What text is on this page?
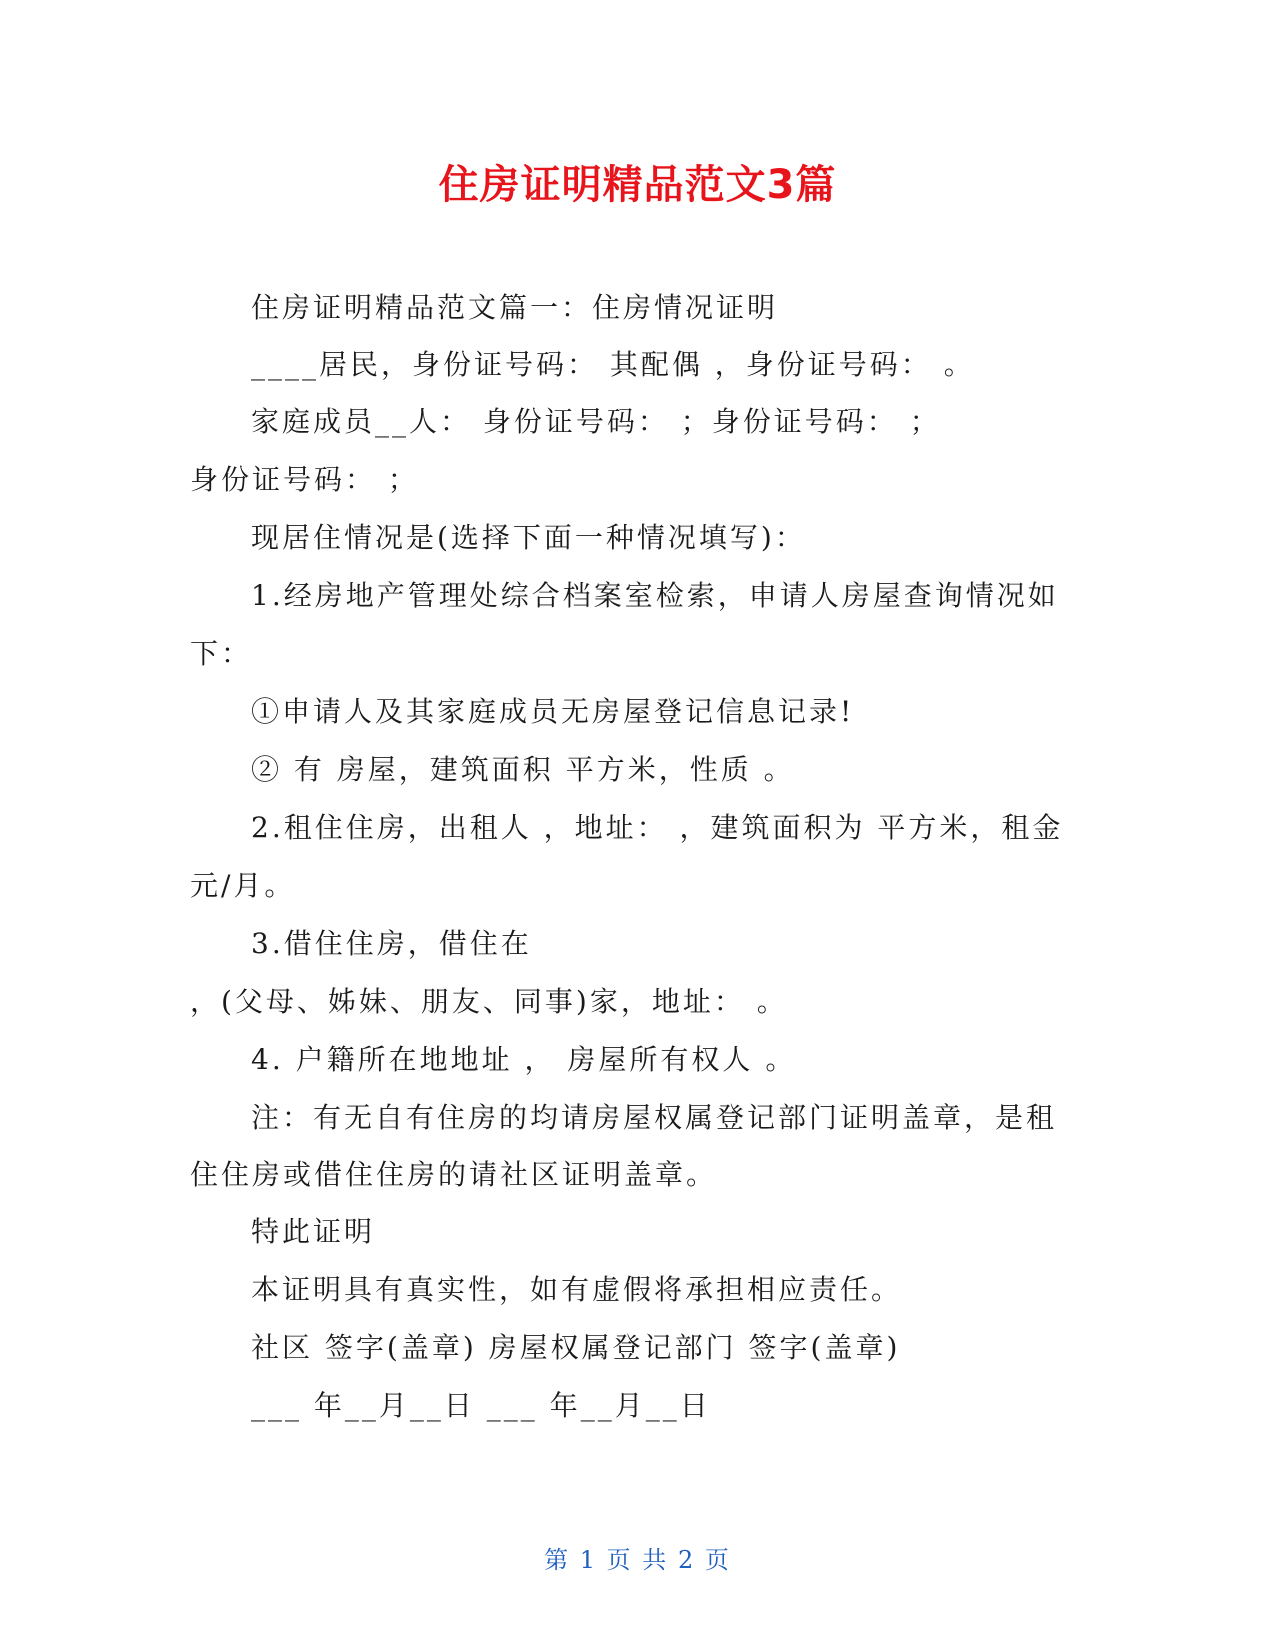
住房证明精品范文3篇
住房证明精品范文篇一：住房情况证明
____居民，身份证号码： 其配偶 ，身份证号码： 。
家庭成员__人： 身份证号码： ；身份证号码： ；
身份证号码： ；
现居住情况是(选择下面一种情况填写)：
1.经房地产管理处综合档案室检索，申请人房屋查询情况如
下：
①申请人及其家庭成员无房屋登记信息记录!
② 有 房屋，建筑面积 平方米，性质 。
2.租住住房，出租人 ，地址： ，建筑面积为 平方米，租金
元/月。
3.借住住房，借住在
，(父母、姊妹、朋友、同事)家，地址： 。
4. 户籍所在地地址 ， 房屋所有权人 。
注：有无自有住房的均请房屋权属登记部门证明盖章，是租
住住房或借住住房的请社区证明盖章。
特此证明
本证明具有真实性，如有虚假将承担相应责任。
社区 签字(盖章) 房屋权属登记部门 签字(盖章)
___ 年__月__日 ___ 年__月__日
第 1 页 共 2 页
